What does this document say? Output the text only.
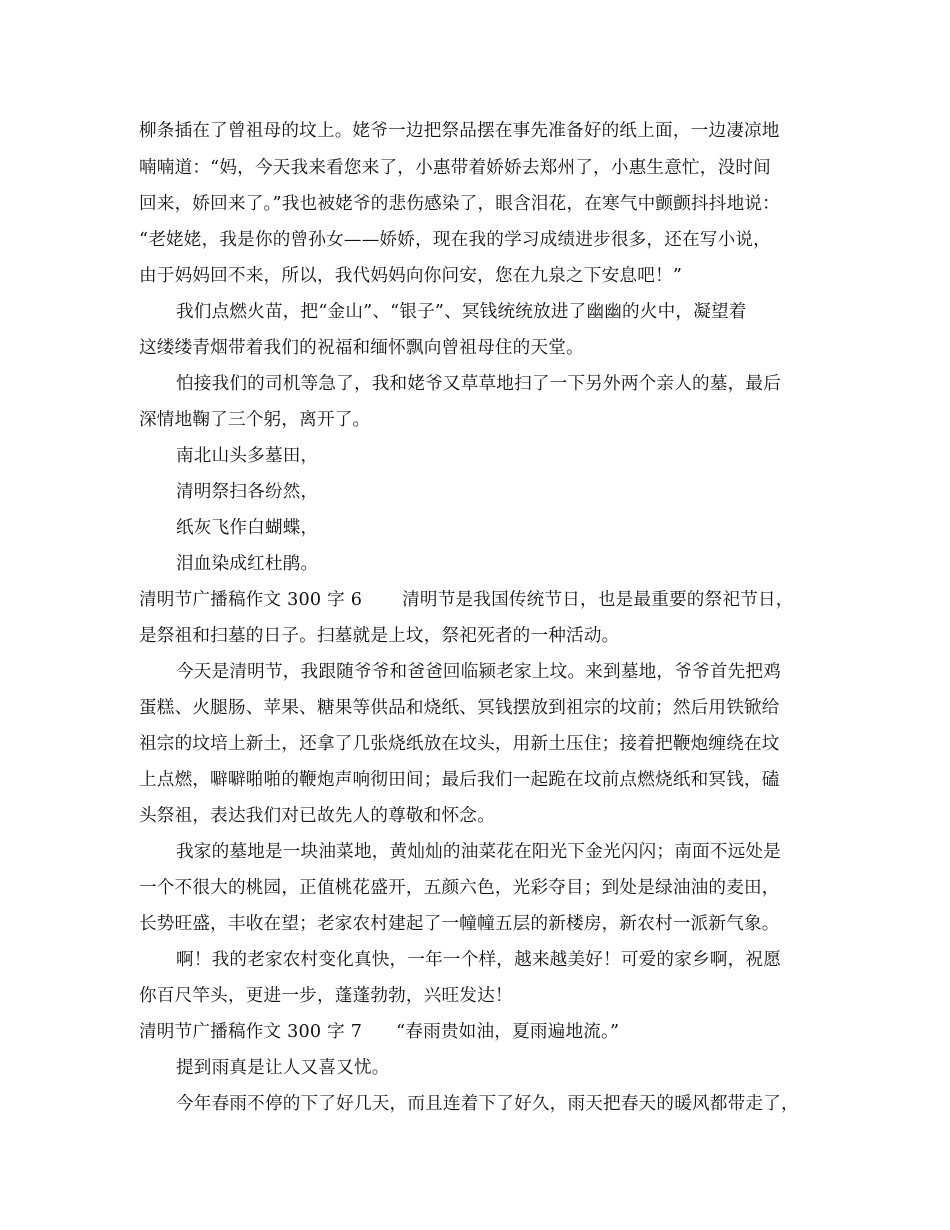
柳条插在了曾祖母的坟上。姥爷一边把祭品摆在事先准备好的纸上面，一边凄凉地
喃喃道：“妈，今天我来看您来了，小惠带着娇娇去郑州了，小惠生意忙，没时间
回来，娇回来了。”我也被姥爷的悲伤感染了，眼含泪花，在寒气中颤颤抖抖地说：
“老姥姥，我是你的曾孙女——娇娇，现在我的学习成绩进步很多，还在写小说，
由于妈妈回不来，所以，我代妈妈向你问安，您在九泉之下安息吧！”
我们点燃火苗，把“金山”、“银子”、冥钱统统放进了幽幽的火中，凝望着
这缕缕青烟带着我们的祝福和缅怀飘向曾祖母住的天堂。
怕接我们的司机等急了，我和姥爷又草草地扫了一下另外两个亲人的墓，最后
深情地鞠了三个躬，离开了。
南北山头多墓田，
清明祭扫各纷然，
纸灰飞作白蝴蝶，
泪血染成红杜鹃。
清明节广播稿作文 300 字 6 清明节是我国传统节日，也是最重要的祭祀节日，
是祭祖和扫墓的日子。扫墓就是上坟，祭祀死者的一种活动。
今天是清明节，我跟随爷爷和爸爸回临颍老家上坟。来到墓地，爷爷首先把鸡
蛋糕、火腿肠、苹果、糖果等供品和烧纸、冥钱摆放到祖宗的坟前；然后用铁锨给
祖宗的坟培上新土，还拿了几张烧纸放在坟头，用新土压住；接着把鞭炮缠绕在坟
上点燃，噼噼啪啪的鞭炮声响彻田间；最后我们一起跪在坟前点燃烧纸和冥钱，磕
头祭祖，表达我们对已故先人的尊敬和怀念。
我家的墓地是一块油菜地，黄灿灿的油菜花在阳光下金光闪闪；南面不远处是
一个不很大的桃园，正值桃花盛开，五颜六色，光彩夺目；到处是绿油油的麦田，
长势旺盛，丰收在望；老家农村建起了一幢幢五层的新楼房，新农村一派新气象。
啊！我的老家农村变化真快，一年一个样，越来越美好！可爱的家乡啊，祝愿
你百尺竿头，更进一步，蓬蓬勃勃，兴旺发达！
清明节广播稿作文 300 字 7 “春雨贵如油，夏雨遍地流。”
提到雨真是让人又喜又忧。
今年春雨不停的下了好几天，而且连着下了好久，雨天把春天的暖风都带走了，
